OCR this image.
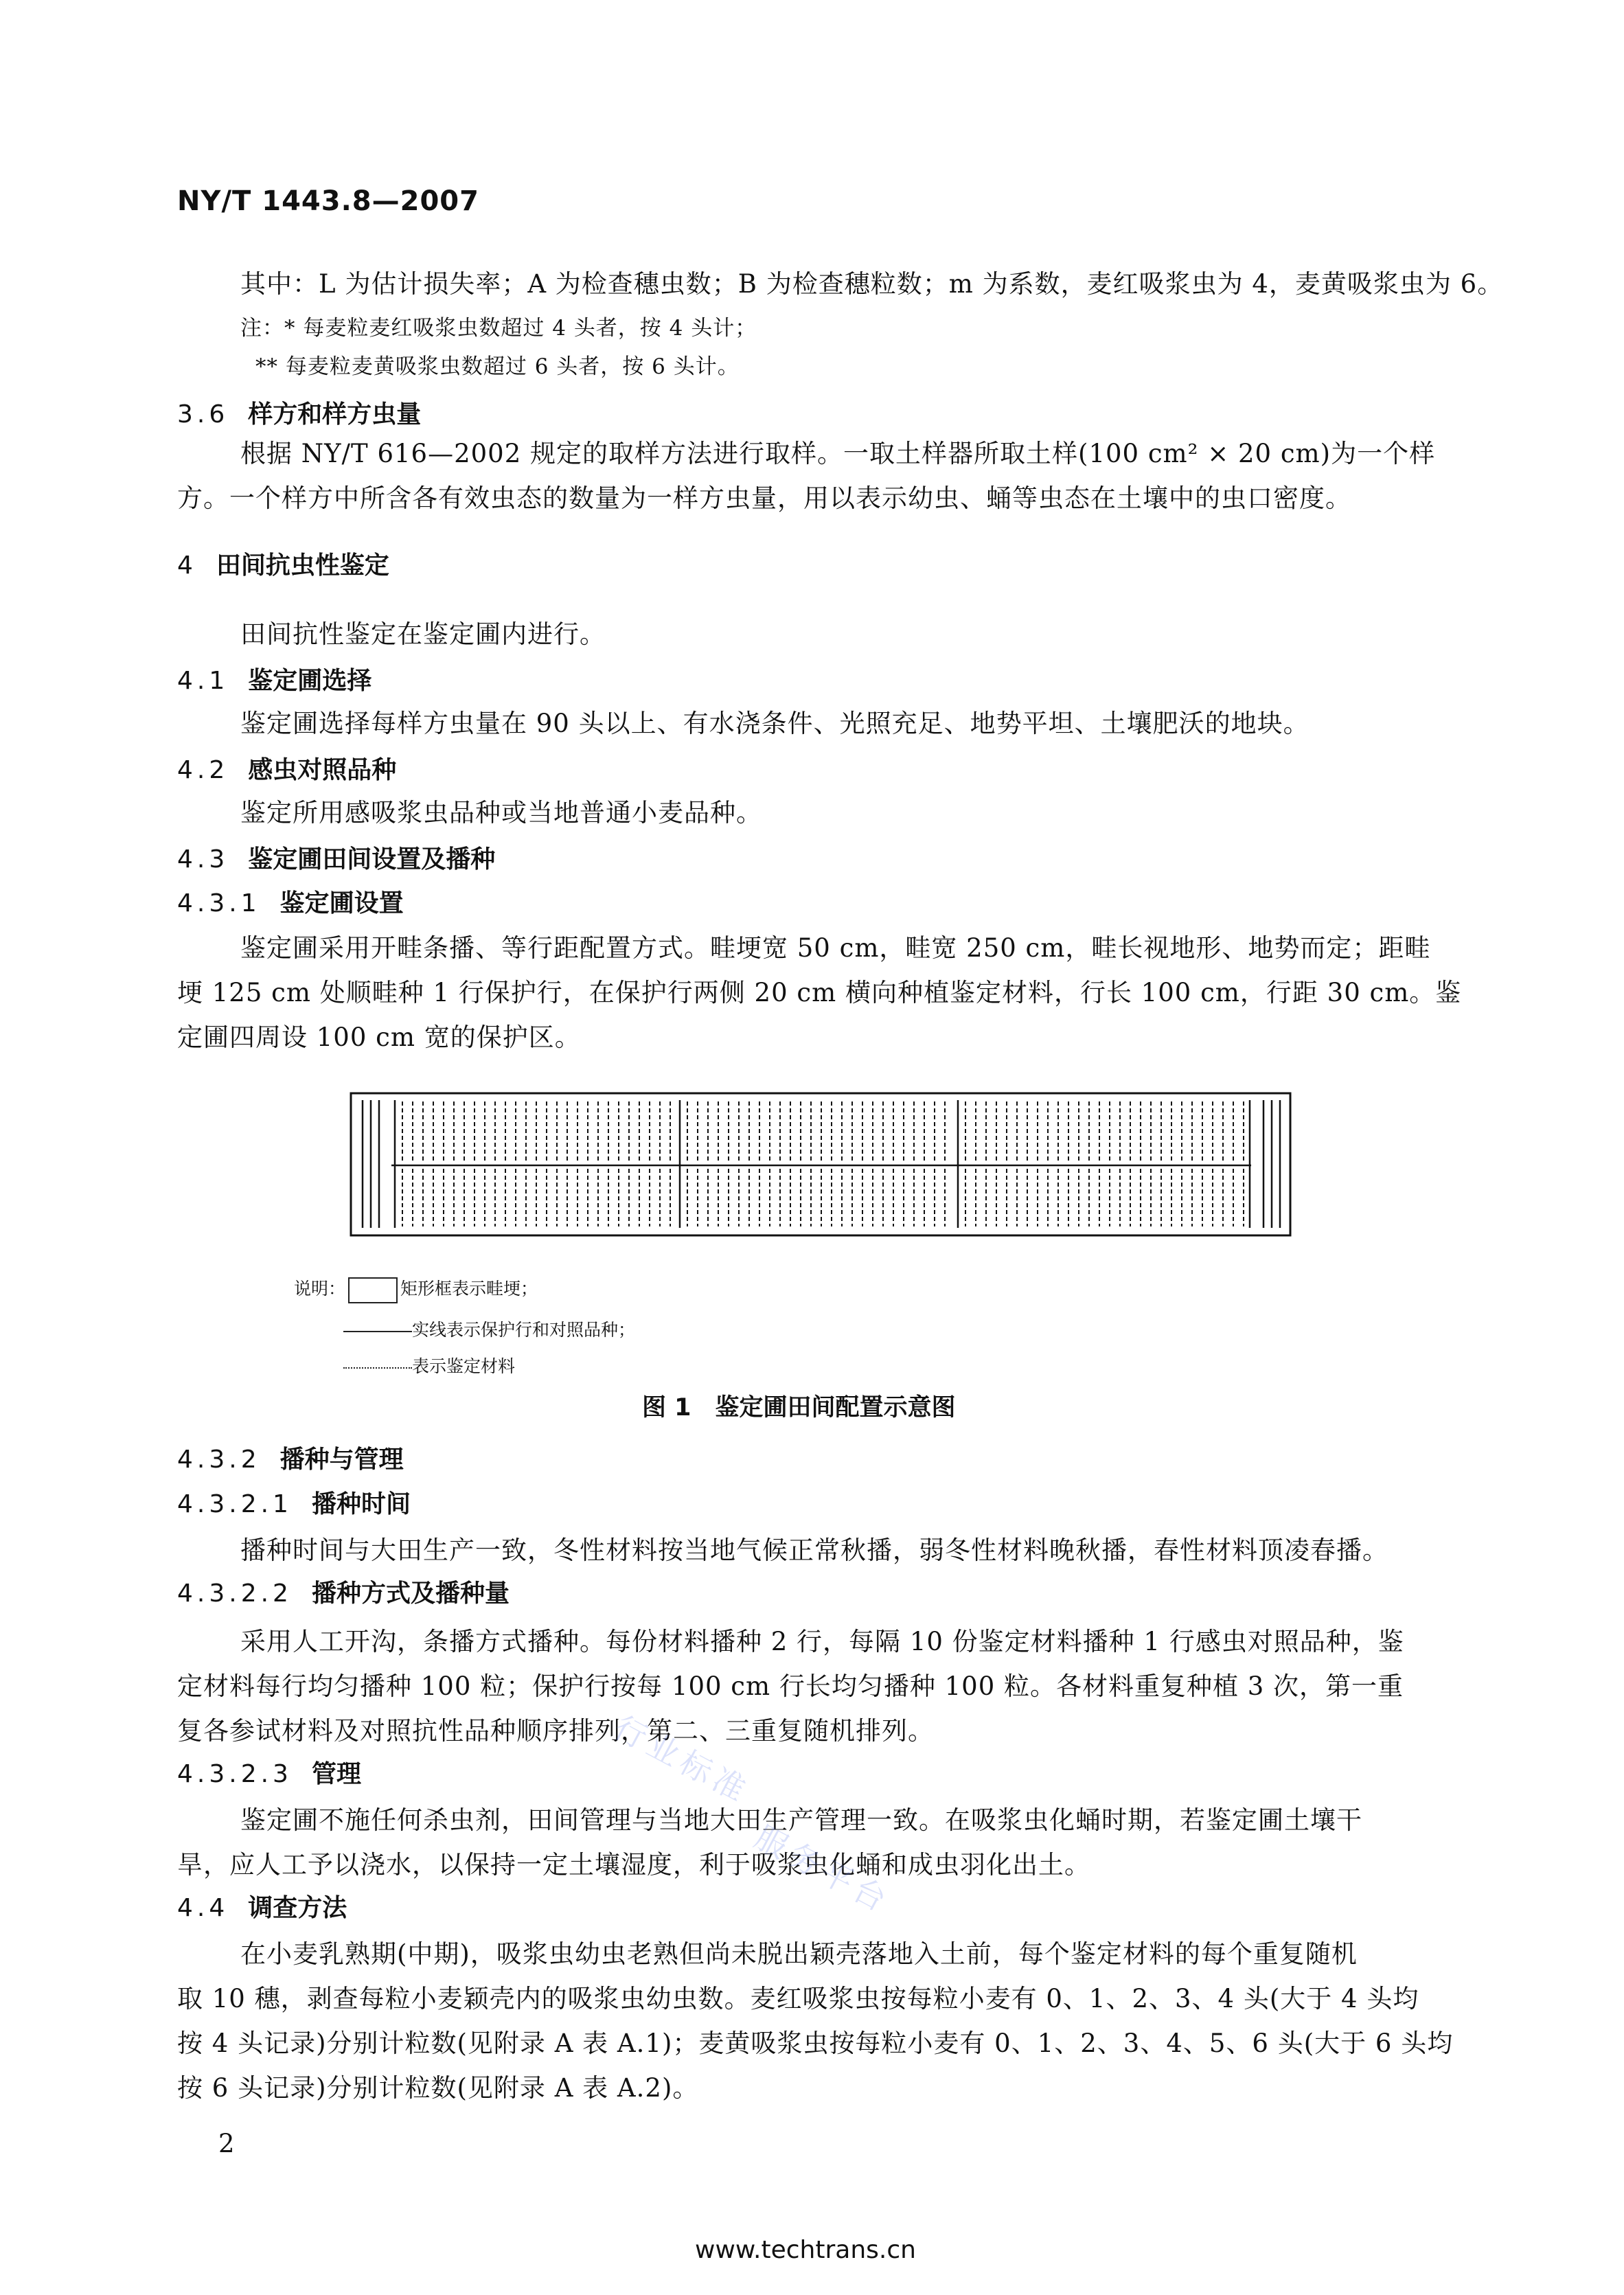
NY/T 1443.8—2007
其中：L 为估计损失率；A 为检查穗虫数；B 为检查穗粒数；m 为系数，麦红吸浆虫为 4，麦黄吸浆虫为 6。
注：* 每麦粒麦红吸浆虫数超过 4 头者，按 4 头计；
** 每麦粒麦黄吸浆虫数超过 6 头者，按 6 头计。
3.6 样方和样方虫量
根据 NY/T 616—2002 规定的取样方法进行取样。一取土样器所取土样(100 cm² × 20 cm)为一个样
方。一个样方中所含各有效虫态的数量为一样方虫量，用以表示幼虫、蛹等虫态在土壤中的虫口密度。
4 田间抗虫性鉴定
田间抗性鉴定在鉴定圃内进行。
4.1 鉴定圃选择
鉴定圃选择每样方虫量在 90 头以上、有水浇条件、光照充足、地势平坦、土壤肥沃的地块。
4.2 感虫对照品种
鉴定所用感吸浆虫品种或当地普通小麦品种。
4.3 鉴定圃田间设置及播种
4.3.1 鉴定圃设置
鉴定圃采用开畦条播、等行距配置方式。畦埂宽 50 cm，畦宽 250 cm，畦长视地形、地势而定；距畦
埂 125 cm 处顺畦种 1 行保护行，在保护行两侧 20 cm 横向种植鉴定材料，行长 100 cm，行距 30 cm。鉴
定圃四周设 100 cm 宽的保护区。
说明：	矩形框表示畦埂；
实线表示保护行和对照品种；
表示鉴定材料
图 1　鉴定圃田间配置示意图
4.3.2 播种与管理
4.3.2.1 播种时间
播种时间与大田生产一致，冬性材料按当地气候正常秋播，弱冬性材料晚秋播，春性材料顶凌春播。
4.3.2.2 播种方式及播种量
采用人工开沟，条播方式播种。每份材料播种 2 行，每隔 10 份鉴定材料播种 1 行感虫对照品种，鉴
定材料每行均匀播种 100 粒；保护行按每 100 cm 行长均匀播种 100 粒。各材料重复种植 3 次，第一重
复各参试材料及对照抗性品种顺序排列，第二、三重复随机排列。
4.3.2.3 管理
鉴定圃不施任何杀虫剂，田间管理与当地大田生产管理一致。在吸浆虫化蛹时期，若鉴定圃土壤干
旱，应人工予以浇水，以保持一定土壤湿度，利于吸浆虫化蛹和成虫羽化出土。
4.4 调查方法
在小麦乳熟期(中期)，吸浆虫幼虫老熟但尚未脱出颖壳落地入土前，每个鉴定材料的每个重复随机
取 10 穗，剥查每粒小麦颖壳内的吸浆虫幼虫数。麦红吸浆虫按每粒小麦有 0、1、2、3、4 头(大于 4 头均
按 4 头记录)分别计粒数(见附录 A 表 A.1)；麦黄吸浆虫按每粒小麦有 0、1、2、3、4、5、6 头(大于 6 头均
按 6 头记录)分别计粒数(见附录 A 表 A.2)。
行业标准
服务平台
2
www.techtrans.cn
